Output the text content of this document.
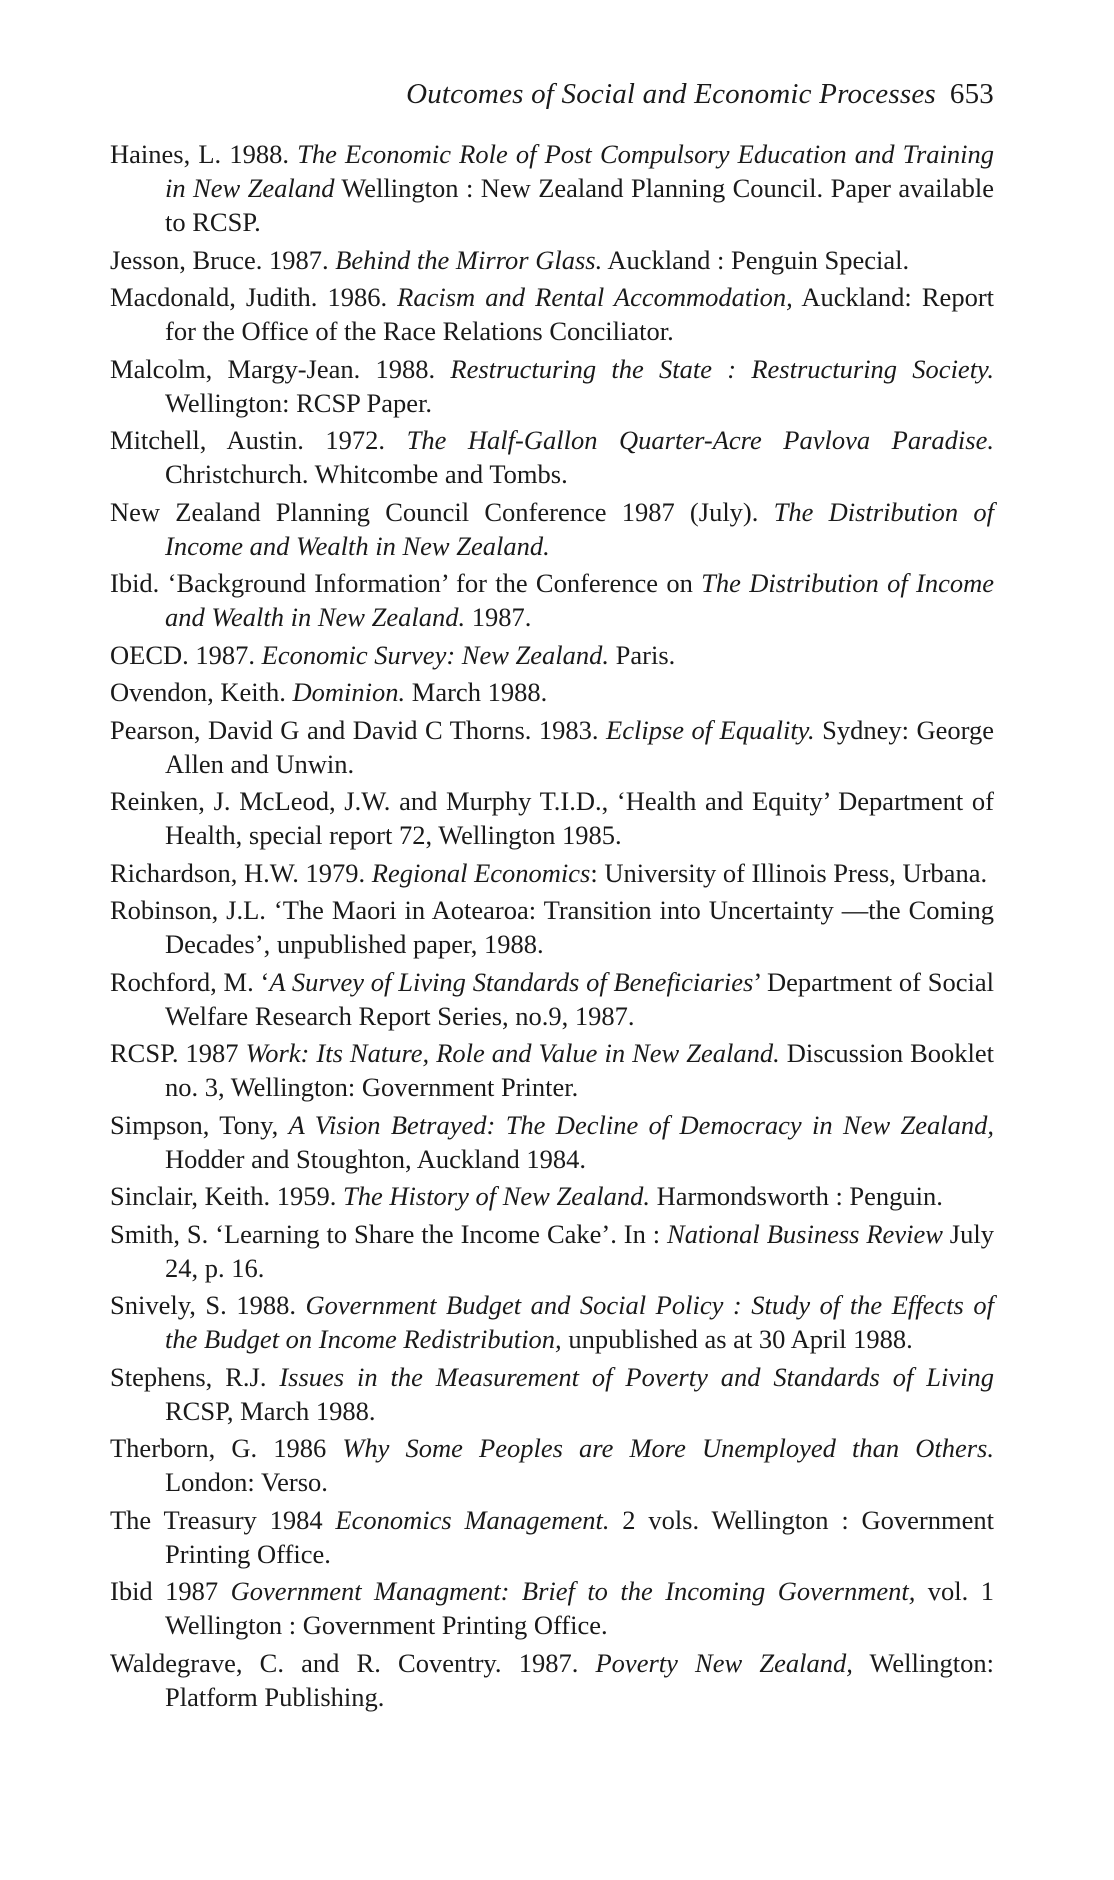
Outcomes of Social and Economic Processes 653
Haines, L. 1988. The Economic Role of Post Compulsory Education and Training in New Zealand Wellington : New Zealand Planning Council. Paper available to RCSP.
Jesson, Bruce. 1987. Behind the Mirror Glass. Auckland : Penguin Special.
Macdonald, Judith. 1986. Racism and Rental Accommodation, Auckland: Report for the Office of the Race Relations Conciliator.
Malcolm, Margy-Jean. 1988. Restructuring the State : Restructuring Society. Wellington: RCSP Paper.
Mitchell, Austin. 1972. The Half-Gallon Quarter-Acre Pavlova Paradise. Christchurch. Whitcombe and Tombs.
New Zealand Planning Council Conference 1987 (July). The Distribution of Income and Wealth in New Zealand.
Ibid. ‘Background Information’ for the Conference on The Distribution of Income and Wealth in New Zealand. 1987.
OECD. 1987. Economic Survey: New Zealand. Paris.
Ovendon, Keith. Dominion. March 1988.
Pearson, David G and David C Thorns. 1983. Eclipse of Equality. Sydney: George Allen and Unwin.
Reinken, J. McLeod, J.W. and Murphy T.I.D., ‘Health and Equity’ Department of Health, special report 72, Wellington 1985.
Richardson, H.W. 1979. Regional Economics: University of Illinois Press, Urbana.
Robinson, J.L. ‘The Maori in Aotearoa: Transition into Uncertainty —the Coming Decades’, unpublished paper, 1988.
Rochford, M. ‘A Survey of Living Standards of Beneficiaries’ Department of Social Welfare Research Report Series, no.9, 1987.
RCSP. 1987 Work: Its Nature, Role and Value in New Zealand. Discussion Booklet no. 3, Wellington: Government Printer.
Simpson, Tony, A Vision Betrayed: The Decline of Democracy in New Zealand, Hodder and Stoughton, Auckland 1984.
Sinclair, Keith. 1959. The History of New Zealand. Harmondsworth : Penguin.
Smith, S. ‘Learning to Share the Income Cake’. In : National Business Review July 24, p. 16.
Snively, S. 1988. Government Budget and Social Policy : Study of the Effects of the Budget on Income Redistribution, unpublished as at 30 April 1988.
Stephens, R.J. Issues in the Measurement of Poverty and Standards of Living RCSP, March 1988.
Therborn, G. 1986 Why Some Peoples are More Unemployed than Others. London: Verso.
The Treasury 1984 Economics Management. 2 vols. Wellington : Government Printing Office.
Ibid 1987 Government Managment: Brief to the Incoming Government, vol. 1 Wellington : Government Printing Office.
Waldegrave, C. and R. Coventry. 1987. Poverty New Zealand, Wellington: Platform Publishing.
